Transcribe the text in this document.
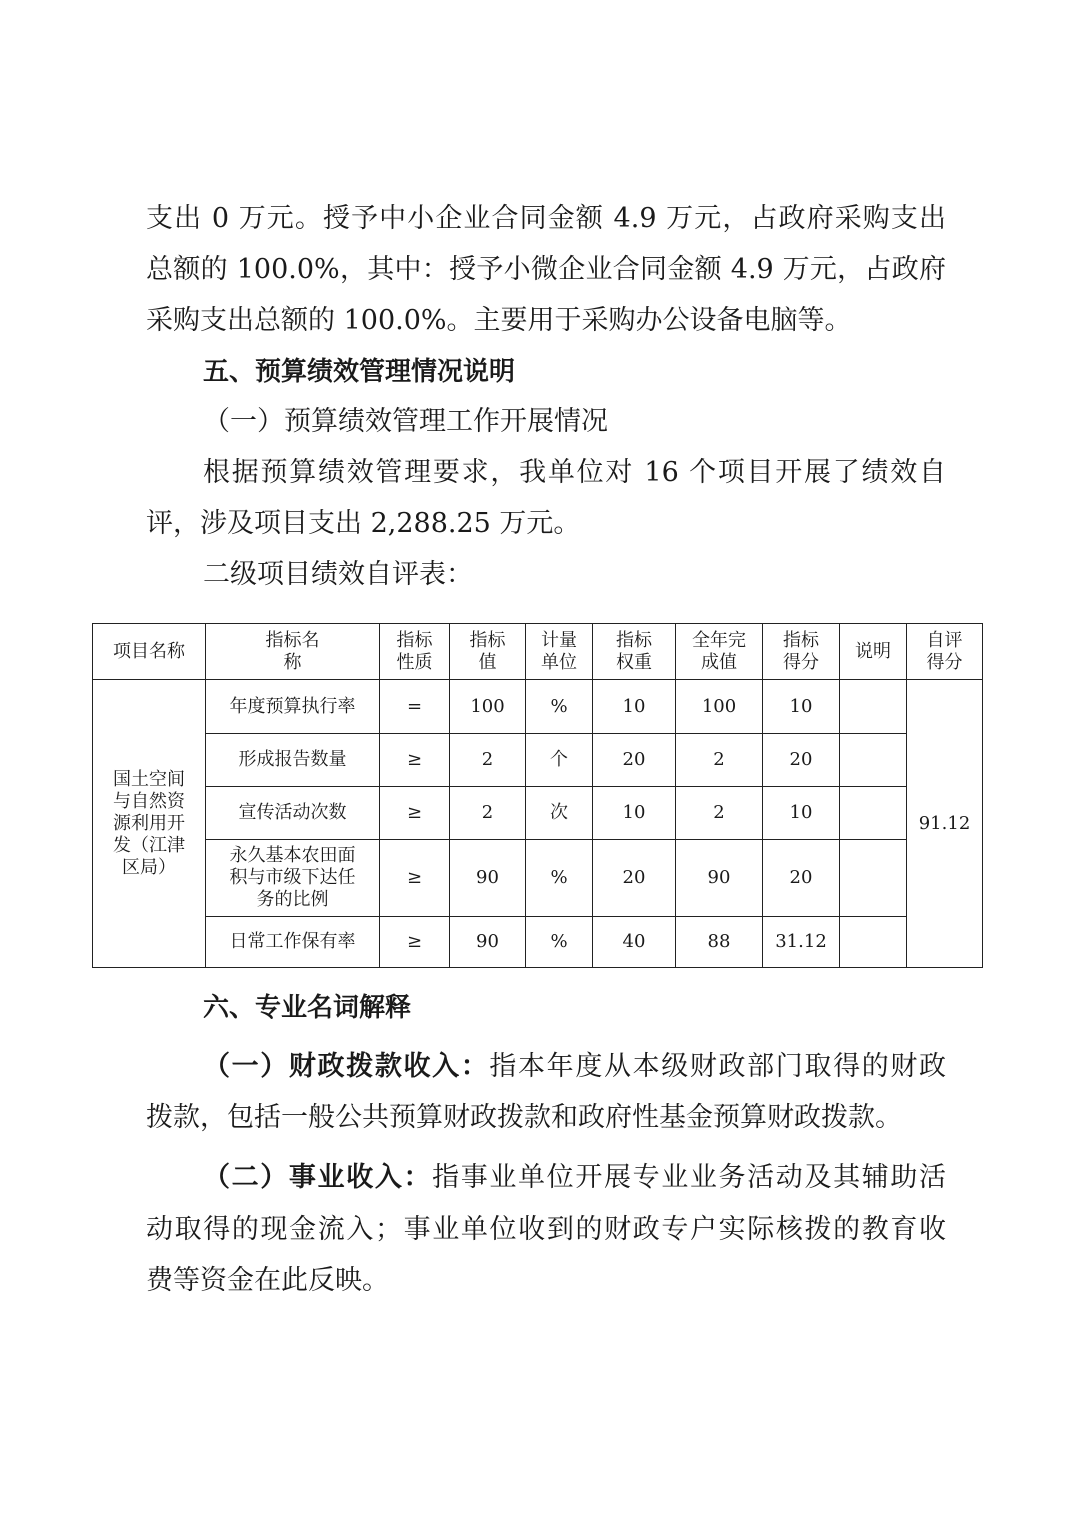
支出 0 万元。授予中小企业合同金额 4.9 万元，占政府采购支出
总额的 100.0%，其中：授予小微企业合同金额 4.9 万元，占政府
采购支出总额的 100.0%。主要用于采购办公设备电脑等。
五、预算绩效管理情况说明
（一）预算绩效管理工作开展情况
根据预算绩效管理要求，我单位对 16 个项目开展了绩效自
评，涉及项目支出 2,288.25 万元。
二级项目绩效自评表：
项目名称	指标名称	指标性质	指标值	计量单位	指标权重	全年完成值	指标得分	说明	自评得分

国土空间与自然资源利用开发（江津区局）	年度预算执行率	=	100	%	10	100	10		91.12
	形成报告数量	≥	2	个	20	2	20		
	宣传活动次数	≥	2	次	10	2	10		

	永久基本农田面积与市级下达任务的比例	≥	90	%	20	90	20		
	日常工作保有率	≥	90	%	40	88	31.12		
六、专业名词解释
（一）财政拨款收入：指本年度从本级财政部门取得的财政
拨款，包括一般公共预算财政拨款和政府性基金预算财政拨款。
（二）事业收入：指事业单位开展专业业务活动及其辅助活
动取得的现金流入；事业单位收到的财政专户实际核拨的教育收
费等资金在此反映。
